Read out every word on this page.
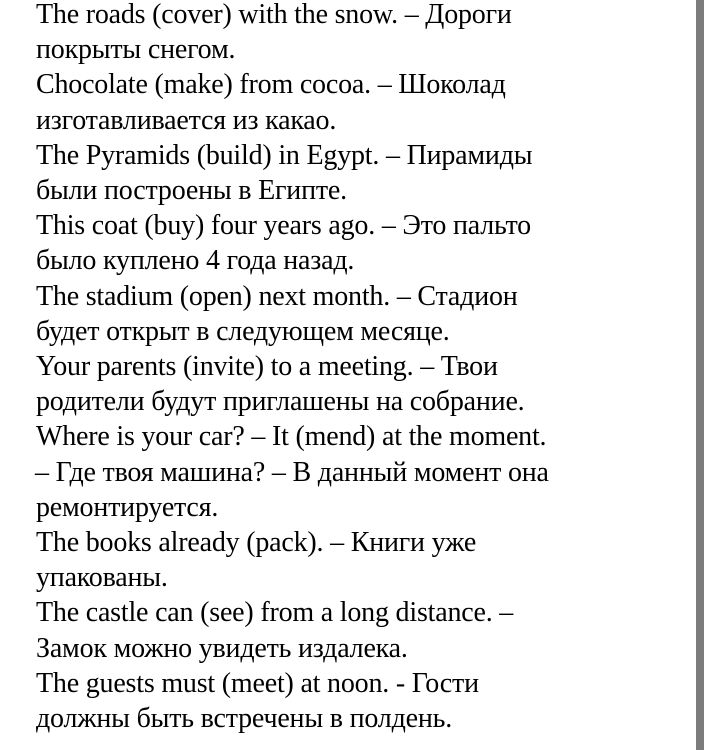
The roads (cover) with the snow. – Дороги
покрыты снегом.
Chocolate (make) from cocoa. – Шоколад
изготавливается из какао.
The Pyramids (build) in Egypt. – Пирамиды
были построены в Египте.
This coat (buy) four years ago. – Это пальто
было куплено 4 года назад.
The stadium (open) next month. – Стадион
будет открыт в следующем месяце.
Your parents (invite) to a meeting. – Твои
родители будут приглашены на собрание.
Where is your car? – It (mend) at the moment.
– Где твоя машина? – В данный момент она
ремонтируется.
The books already (pack). – Книги уже
упакованы.
The castle can (see) from a long distance. –
Замок можно увидеть издалека.
The guests must (meet) at noon. - Гости
должны быть встречены в полдень.
